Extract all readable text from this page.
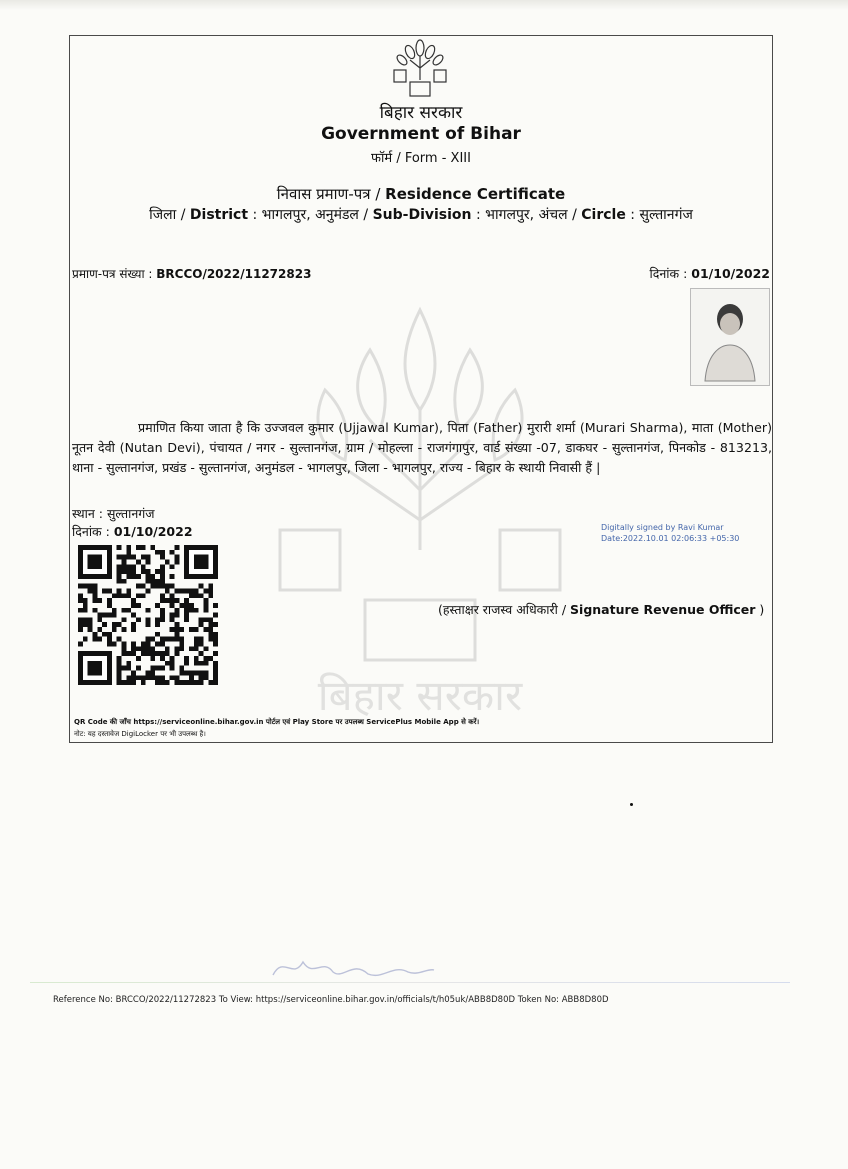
बिहार सरकार
बिहार सरकार
Government of Bihar
फॉर्म / Form - XIII
निवास प्रमाण-पत्र / Residence Certificate
जिला / District : भागलपुर, अनुमंडल / Sub-Division : भागलपुर, अंचल / Circle : सुल्तानगंज
प्रमाण-पत्र संख्या : BRCCO/2022/11272823	दिनांक : 01/10/2022
प्रमाणित किया जाता है कि उज्जवल कुमार (Ujjawal Kumar), पिता (Father) मुरारी शर्मा (Murari Sharma), माता (Mother) नूतन देवी (Nutan Devi), पंचायत / नगर - सुल्तानगंज, ग्राम / मोहल्ला - राजगंगापुर, वार्ड संख्या -07, डाकघर - सुल्तानगंज, पिनकोड - 813213, थाना - सुल्तानगंज, प्रखंड - सुल्तानगंज, अनुमंडल - भागलपुर, जिला - भागलपुर, राज्य - बिहार के स्थायी निवासी हैं |
स्थान : सुल्तानगंज
दिनांक : 01/10/2022	Digitally signed by Ravi Kumar
Date:2022.10.01 02:06:33 +05:30
(हस्ताक्षर राजस्व अधिकारी / Signature Revenue Officer )
QR Code की जाँच https://serviceonline.bihar.gov.in पोर्टल एवं Play Store पर उपलब्ध ServicePlus Mobile App से करें।
नोट: यह दस्तावेज DigiLocker पर भी उपलब्ध है।
Reference No: BRCCO/2022/11272823 To View: https://serviceonline.bihar.gov.in/officials/t/h05uk/ABB8D80D Token No: ABB8D80D
